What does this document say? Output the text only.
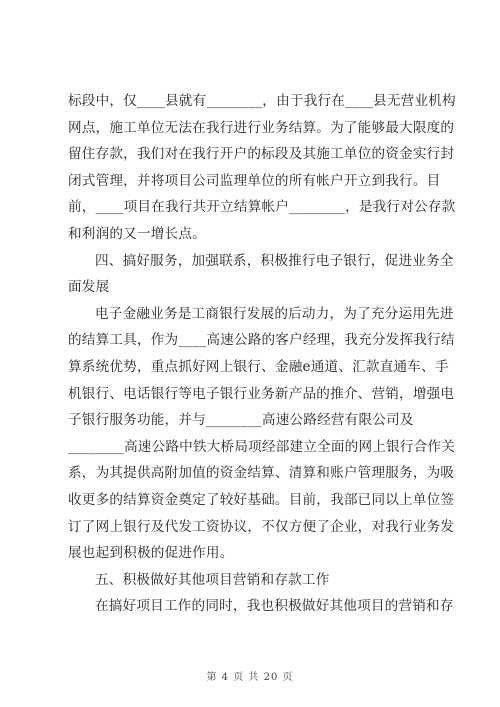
标段中，仅____县就有________，由于我行在____县无营业机构
网点，施工单位无法在我行进行业务结算。为了能够最大限度的
留住存款，我们对在我行开户的标段及其施工单位的资金实行封
闭式管理，并将项目公司监理单位的所有帐户开立到我行。目
前，____项目在我行共开立结算帐户________，是我行对公存款
和利润的又一增长点。
四、搞好服务，加强联系，积极推行电子银行，促进业务全
面发展
电子金融业务是工商银行发展的后动力，为了充分运用先进
的结算工具，作为____高速公路的客户经理，我充分发挥我行结
算系统优势，重点抓好网上银行、金融e通道、汇款直通车、手
机银行、电话银行等电子银行业务新产品的推介、营销，增强电
子银行服务功能，并与________高速公路经营有限公司及
________高速公路中铁大桥局项经部建立全面的网上银行合作关
系，为其提供高附加值的资金结算、清算和账户管理服务，为吸
收更多的结算资金奠定了较好基础。目前，我部已同以上单位签
订了网上银行及代发工资协议，不仅方便了企业，对我行业务发
展也起到积极的促进作用。
五、积极做好其他项目营销和存款工作
在搞好项目工作的同时，我也积极做好其他项目的营销和存
第 4 页 共 20 页
